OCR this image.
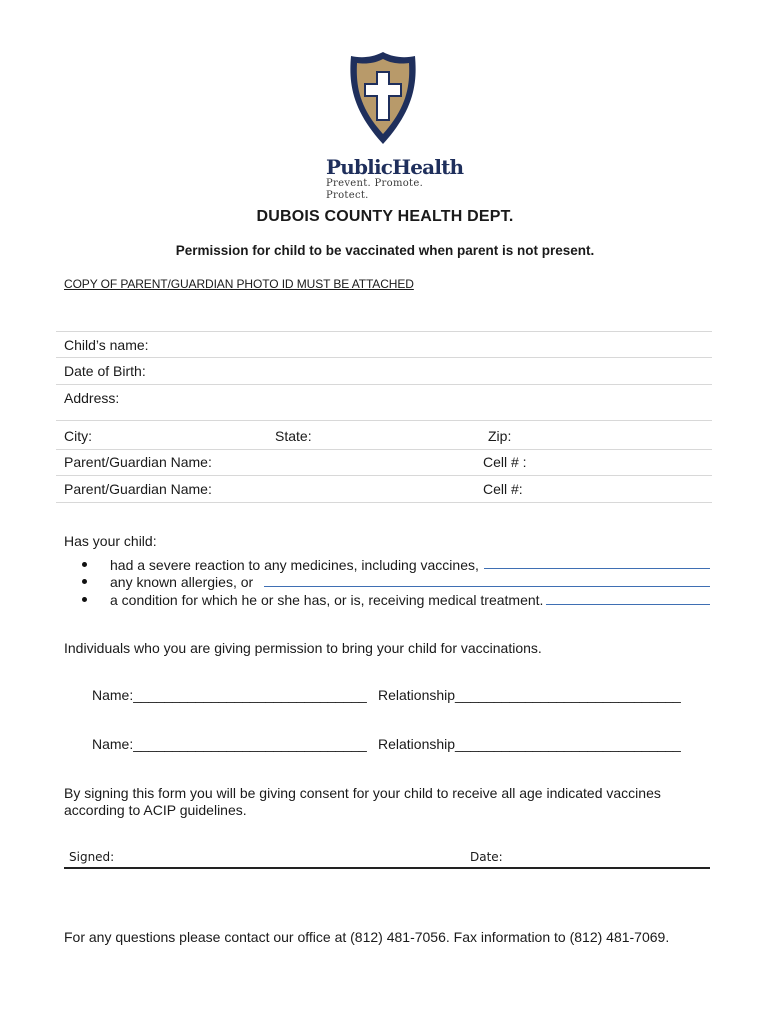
PublicHealth
Prevent. Promote. Protect.
DUBOIS COUNTY HEALTH DEPT.
Permission for child to be vaccinated when parent is not present.
COPY OF PARENT/GUARDIAN PHOTO ID MUST BE ATTACHED
Child’s name:
Date of Birth:
Address:
City:	State:	Zip:
Parent/Guardian Name:	Cell # :
Parent/Guardian Name:	Cell #:
Has your child:
had a severe reaction to any medicines, including vaccines,
any known allergies, or
a condition for which he or she has, or is, receiving medical treatment.
Individuals who you are giving permission to bring your child for vaccinations.
Name:______________________________ Relationship_____________________________
Name:______________________________ Relationship_____________________________
By signing this form you will be giving consent for your child to receive all age indicated vaccines
according to ACIP guidelines.
Signed:	Date:
For any questions please contact our office at (812) 481-7056. Fax information to (812) 481-7069.
